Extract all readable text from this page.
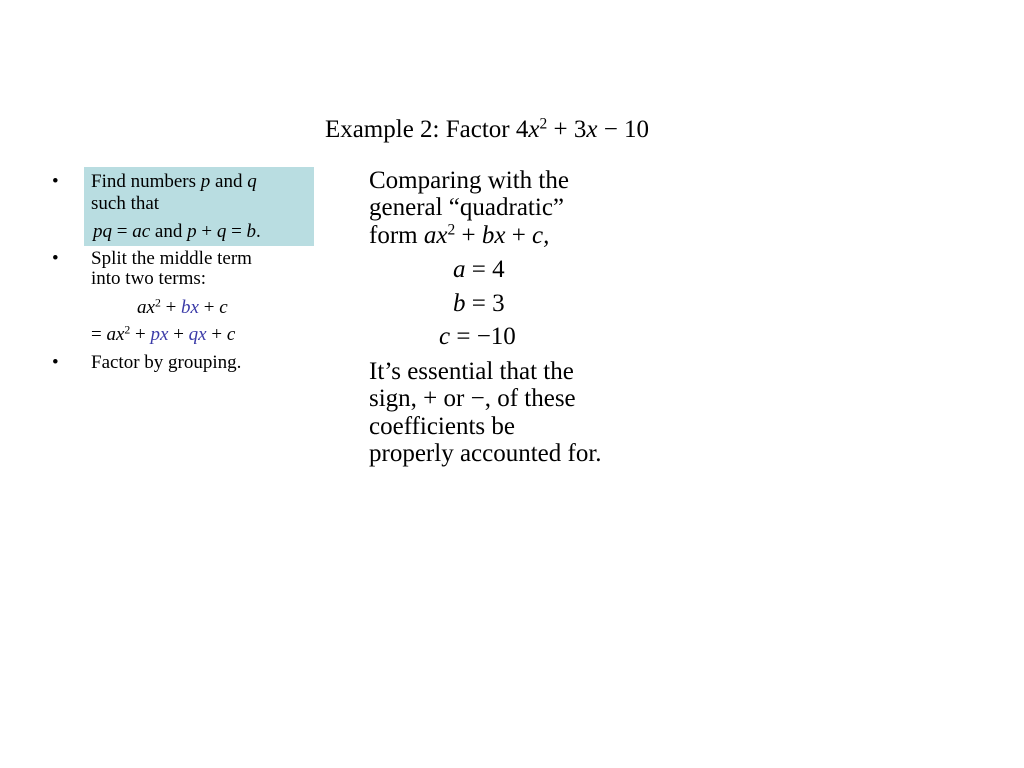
Example 2: Factor $4x^2 + 3x - 10$
• Find numbers p and q
such that
pq = ac and p + q = b.
• Split the middle term
into two terms:
$ax^2$ + bx + c
= $ax^2$ + px + qx + c
• Factor by grouping.
Comparing with the
general “quadratic”
form $ax^2$ + bx + c,
a = 4
b = 3
c = −10
It’s essential that the
sign, + or −, of these
coefficients be
properly accounted for.
